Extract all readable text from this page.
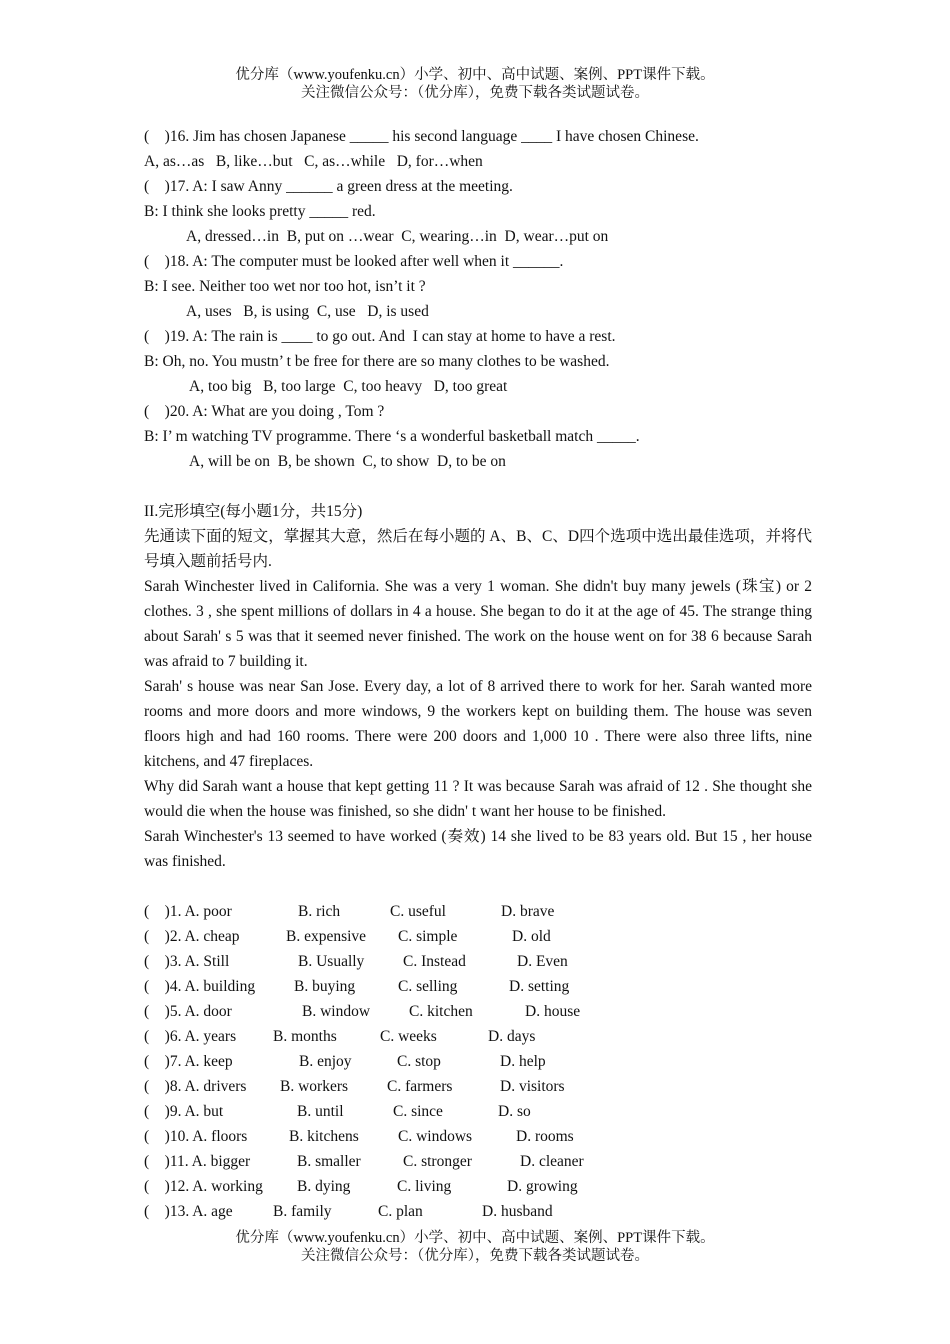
优分库（www.youfenku.cn）小学、初中、高中试题、案例、PPT课件下载。
关注微信公众号：（优分库），免费下载各类试题试卷。
(    )16. Jim has chosen Japanese _____ his second language ____ I have chosen Chinese.
A, as…as   B, like…but   C, as…while   D, for…when
(    )17. A: I saw Anny ______ a green dress at the meeting.
B: I think she looks pretty _____ red.
A, dressed…in  B, put on …wear  C, wearing…in  D, wear…put on
(    )18. A: The computer must be looked after well when it ______.
B: I see. Neither too wet nor too hot, isn’t it ?
A, uses   B, is using  C, use   D, is used
(    )19. A: The rain is ____ to go out. And  I can stay at home to have a rest.
B: Oh, no. You mustn’ t be free for there are so many clothes to be washed.
A, too big   B, too large  C, too heavy   D, too great
(    )20. A: What are you doing , Tom ?
B: I’ m watching TV programme. There ‘s a wonderful basketball match _____.
A, will be on  B, be shown  C, to show  D, to be on
II.完形填空(每小题1分，共15分)
先通读下面的短文，掌握其大意，然后在每小题的 A、B、C、D四个选项中选出最佳选项，并将代号填入题前括号内.
Sarah Winchester lived in California. She was a very 1 woman. She didn't buy many jewels (珠宝) or 2 clothes. 3 , she spent millions of dollars in 4 a house. She began to do it at the age of 45. The strange thing about Sarah' s 5 was that it seemed never finished. The work on the house went on for 38 6 because Sarah was afraid to 7 building it.
Sarah' s house was near San Jose. Every day, a lot of 8 arrived there to work for her. Sarah wanted more rooms and more doors and more windows, 9 the workers kept on building them. The house was seven floors high and had 160 rooms. There were 200 doors and 1,000 10 . There were also three lifts, nine kitchens, and 47 fireplaces.
Why did Sarah want a house that kept getting 11 ? It was because Sarah was afraid of 12 . She thought she would die when the house was finished, so she didn' t want her house to be finished.
Sarah Winchester's 13 seemed to have worked (奏效) 14 she lived to be 83 years old. But 15 , her house was finished.
(    )1. A. poor	B. rich	C. useful	D. brave
(    )2. A. cheap	B. expensive C. simple	D. old
(    )3. A. Still	B. Usually C. Instead	D. Even
(    )4. A. building	B. buying	C. selling	D. setting
(    )5. A. door	B. window	C. kitchen	D. house
(    )6. A. years B. months	C. weeks	D. days
(    )7. A. keep	B. enjoy	C. stop	D. help
(    )8. A. drivers B. workers	C. farmers	D. visitors
(    )9. A. but	B. until	C. since	D. so
(    )10. A. floors	B. kitchens	C. windows	D. rooms
(    )11. A. bigger	B. smaller	C. stronger	D. cleaner
(    )12. A. working B. dying	C. living	D. growing
(    )13. A. age	B. family	C. plan	D. husband
优分库（www.youfenku.cn）小学、初中、高中试题、案例、PPT课件下载。
关注微信公众号：（优分库），免费下载各类试题试卷。
